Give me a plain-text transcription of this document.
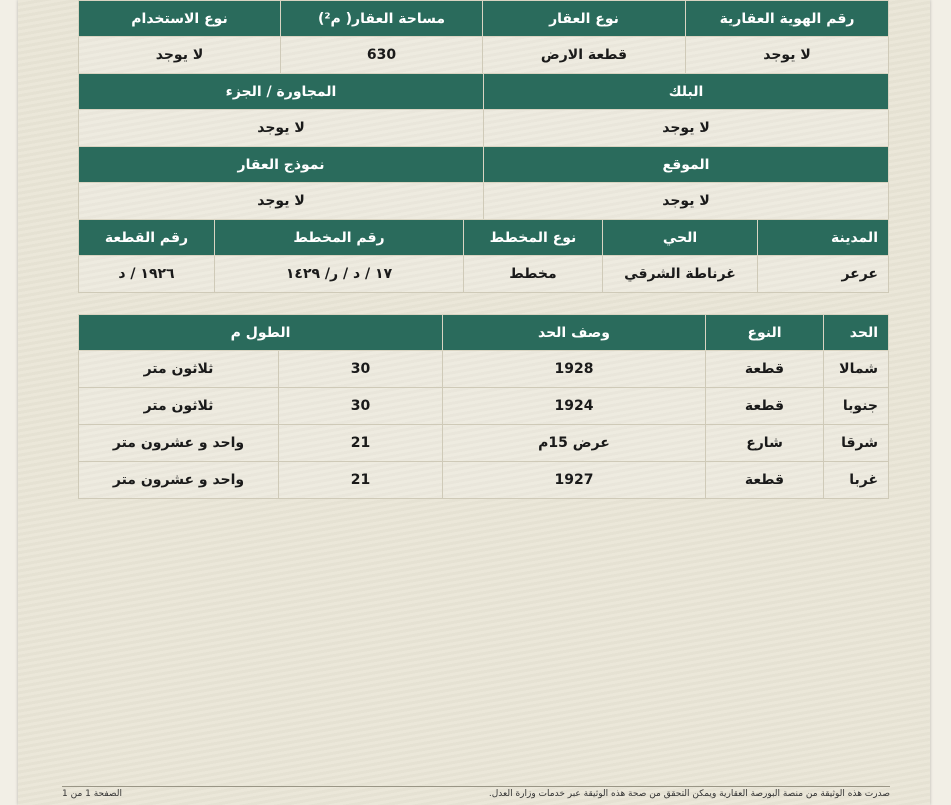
رقم الهوية العقارية	نوع العقار	مساحة العقار( م²)	نوع الاستخدام
لا يوجد	قطعة الارض	630	لا يوجد
البلك	المجاورة / الجزء
لا يوجد	لا يوجد
الموقع	نموذج العقار
لا يوجد	لا يوجد
المدينة	الحي	نوع المخطط	رقم المخطط	رقم القطعة
عرعر	غرناطة الشرقي	مخطط	١٧ / د / ر/ ١٤٢٩	١٩٢٦ / د
الحد	النوع	وصف الحد	الطول م	
شمالا	قطعة	1928	30	ثلاثون متر
جنوبا	قطعة	1924	30	ثلاثون متر
شرقا	شارع	عرض 15م	21	واحد و عشرون متر
غربا	قطعة	1927	21	واحد و عشرون متر
صدرت هذه الوثيقة من منصة البورصة العقارية ويمكن التحقق من صحة هذه الوثيقة عبر خدمات وزارة العدل.
الصفحة 1 من 1
